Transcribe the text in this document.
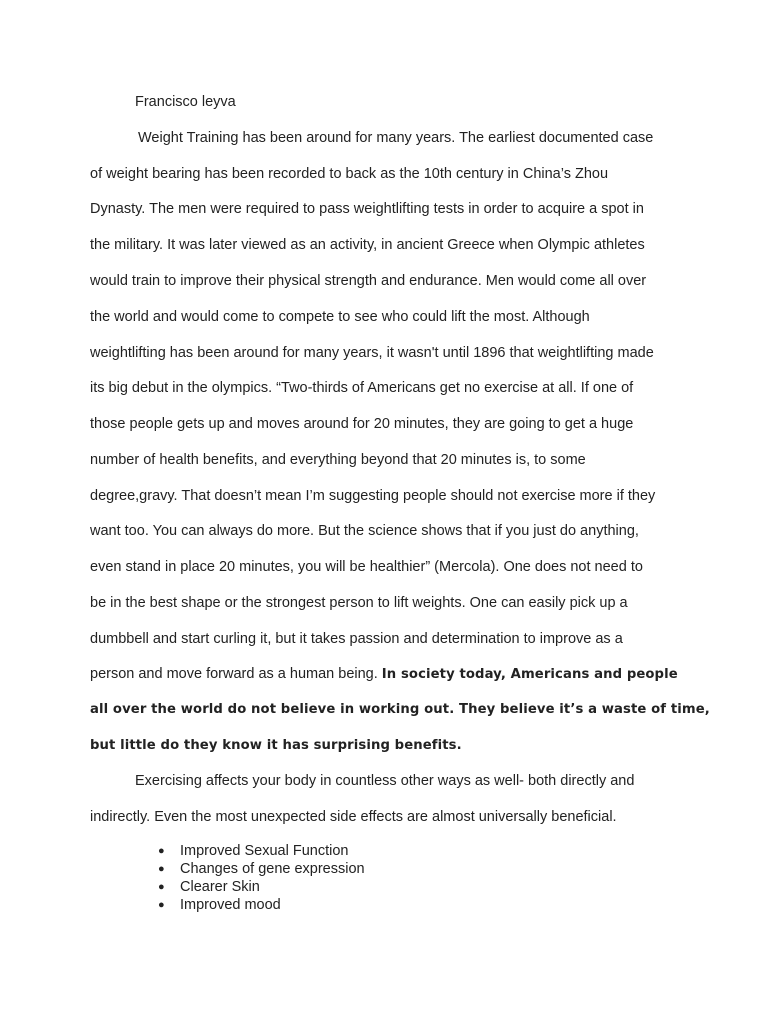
Francisco leyva
Weight Training has been around for many years. The earliest documented case
of weight bearing has been recorded to back as the 10th century in China’s Zhou
Dynasty. The men were required to pass weightlifting tests in order to acquire a spot in
the military. It was later viewed as an activity, in ancient Greece when Olympic athletes
would train to improve their physical strength and endurance. Men would come all over
the world and would come to compete to see who could lift the most. Although
weightlifting has been around for many years, it wasn't until 1896 that weightlifting made
its big debut in the olympics. “Two-thirds of Americans get no exercise at all. If one of
those people gets up and moves around for 20 minutes, they are going to get a huge
number of health benefits, and everything beyond that 20 minutes is, to some
degree,gravy. That doesn’t mean I’m suggesting people should not exercise more if they
want too. You can always do more. But the science shows that if you just do anything,
even stand in place 20 minutes, you will be healthier” (Mercola). One does not need to
be in the best shape or the strongest person to lift weights. One can easily pick up a
dumbbell and start curling it, but it takes passion and determination to improve as a
person and move forward as a human being. In society today, Americans and people
all over the world do not believe in working out. They believe it’s a waste of time,
but little do they know it has surprising benefits.
Exercising affects your body in countless other ways as well- both directly and
indirectly. Even the most unexpected side effects are almost universally beneficial.
● Improved Sexual Function
● Changes of gene expression
● Clearer Skin
● Improved mood
